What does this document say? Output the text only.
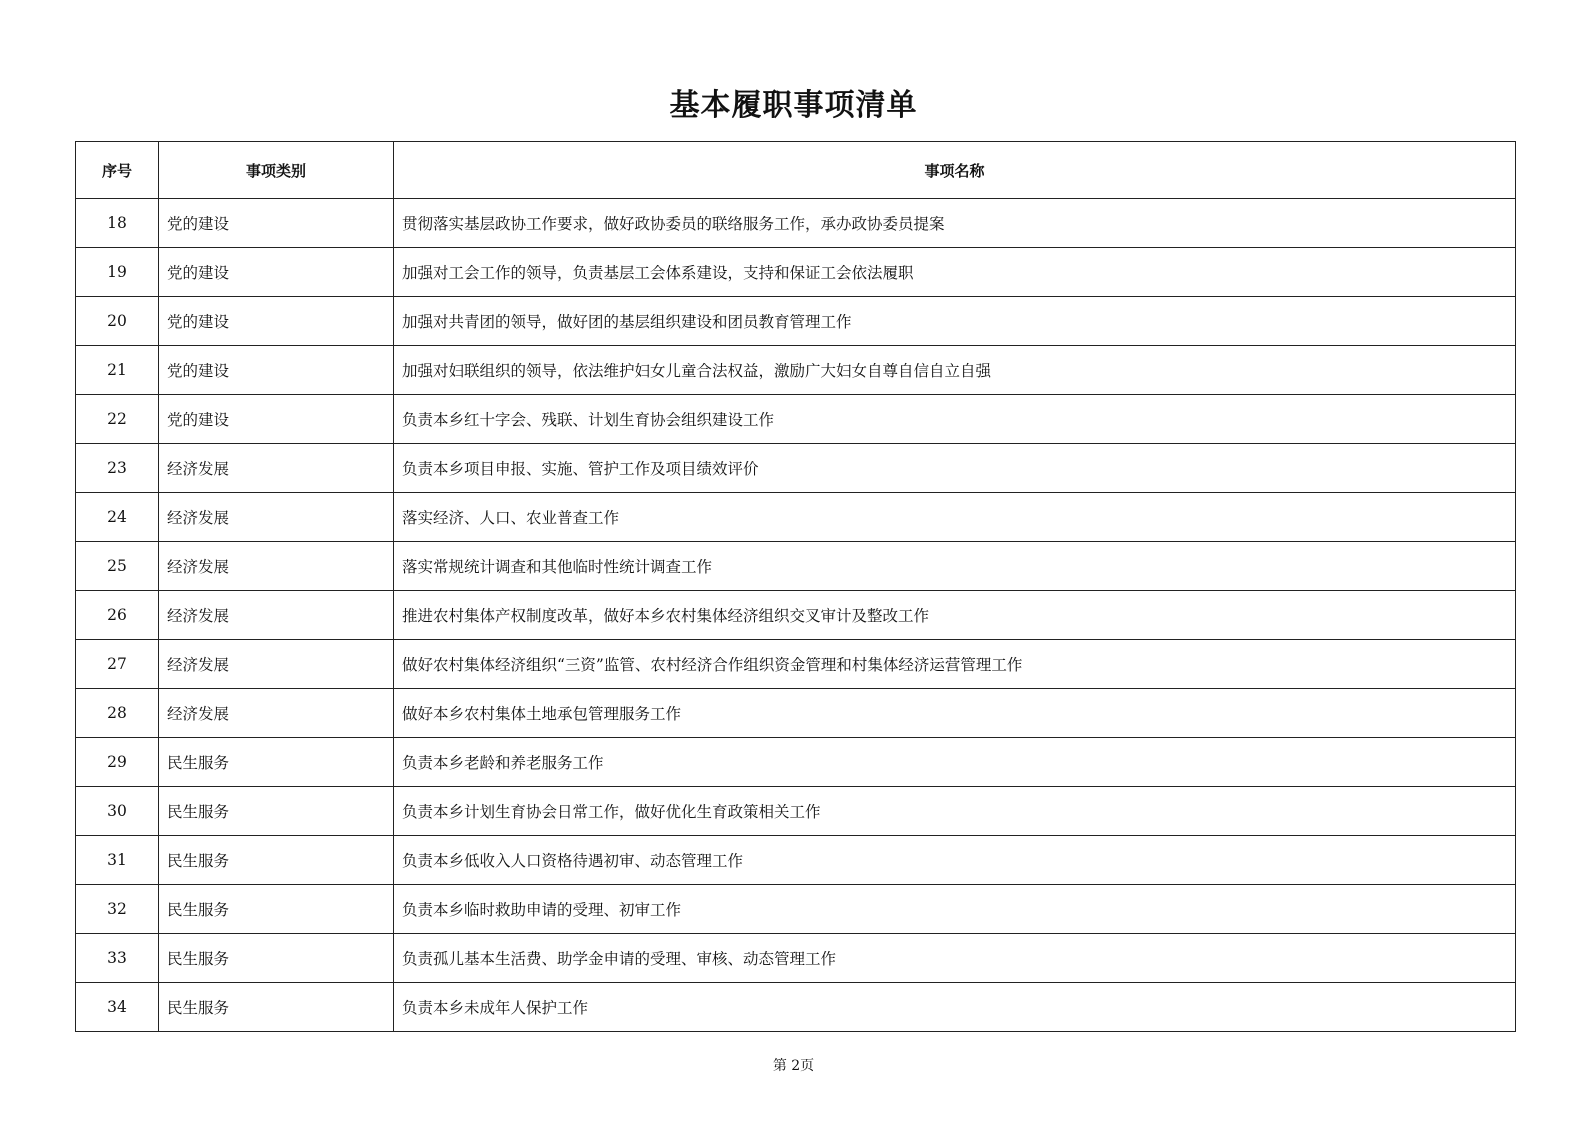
基本履职事项清单
序号	事项类别	事项名称
18	党的建设	贯彻落实基层政协工作要求，做好政协委员的联络服务工作，承办政协委员提案
19	党的建设	加强对工会工作的领导，负责基层工会体系建设，支持和保证工会依法履职
20	党的建设	加强对共青团的领导，做好团的基层组织建设和团员教育管理工作
21	党的建设	加强对妇联组织的领导，依法维护妇女儿童合法权益，激励广大妇女自尊自信自立自强
22	党的建设	负责本乡红十字会、残联、计划生育协会组织建设工作
23	经济发展	负责本乡项目申报、实施、管护工作及项目绩效评价
24	经济发展	落实经济、人口、农业普查工作
25	经济发展	落实常规统计调查和其他临时性统计调查工作
26	经济发展	推进农村集体产权制度改革，做好本乡农村集体经济组织交叉审计及整改工作
27	经济发展	做好农村集体经济组织“三资”监管、农村经济合作组织资金管理和村集体经济运营管理工作
28	经济发展	做好本乡农村集体土地承包管理服务工作
29	民生服务	负责本乡老龄和养老服务工作
30	民生服务	负责本乡计划生育协会日常工作，做好优化生育政策相关工作
31	民生服务	负责本乡低收入人口资格待遇初审、动态管理工作
32	民生服务	负责本乡临时救助申请的受理、初审工作
33	民生服务	负责孤儿基本生活费、助学金申请的受理、审核、动态管理工作
34	民生服务	负责本乡未成年人保护工作
第 2页
